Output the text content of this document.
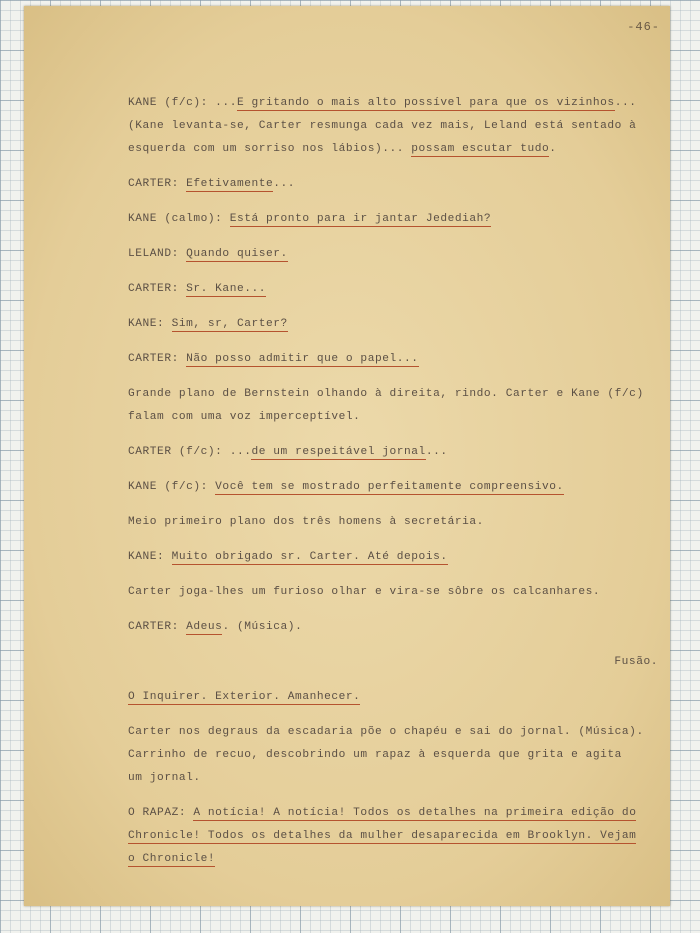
-46-
KANE (f/c): ...E gritando o mais alto possível para que os vizinhos...
(Kane levanta-se, Carter resmunga cada vez mais, Leland está sentado à
esquerda com um sorriso nos lábios)... possam escutar tudo.
CARTER: Efetivamente...
KANE (calmo): Está pronto para ir jantar Jedediah?
LELAND: Quando quiser.
CARTER: Sr. Kane...
KANE: Sim, sr, Carter?
CARTER: Não posso admitir que o papel...
Grande plano de Bernstein olhando à direita, rindo. Carter e Kane (f/c)
falam com uma voz imperceptível.
CARTER (f/c): ...de um respeitável jornal...
KANE (f/c): Você tem se mostrado perfeitamente compreensivo.
Meio primeiro plano dos três homens à secretária.
KANE: Muito obrigado sr. Carter. Até depois.
Carter joga-lhes um furioso olhar e vira-se sôbre os calcanhares.
CARTER: Adeus. (Música).
Fusão.
O Inquirer. Exterior. Amanhecer.
Carter nos degraus da escadaria põe o chapéu e sai do jornal. (Música).
Carrinho de recuo, descobrindo um rapaz à esquerda que grita e agita
um jornal.
O RAPAZ: A notícia! A notícia! Todos os detalhes na primeira edição do
Chronicle! Todos os detalhes da mulher desaparecida em Brooklyn. Vejam
o Chronicle!
